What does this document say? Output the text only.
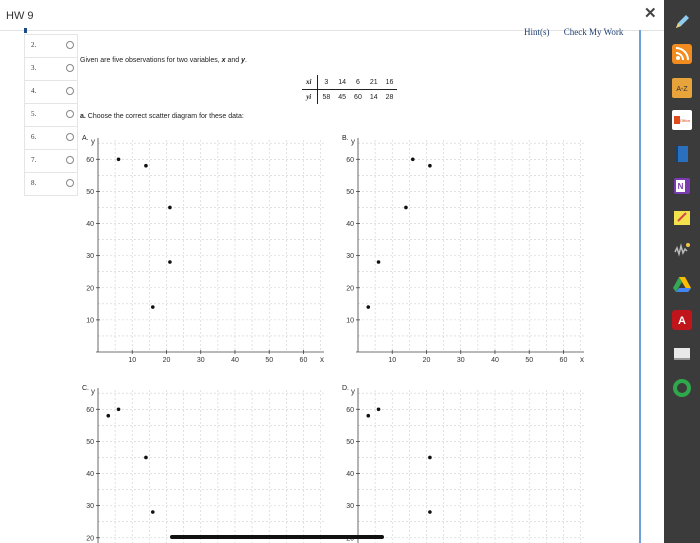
HW 9	✕
Hint(s) Check My Work
2.
3.
4.
5.
6.
7.
8.
Given are five observations for two variables, x and y.
xi	3	14	6	21	16
yi	58	45	60	14	28
a. Choose the correct scatter diagram for these data:
10	20	30	40	50	60 x
10
20
30
40
50
60
y
A.
10	20	30	40	50	60 x
10
20
30
40
50
60
y
B.
20
30
40
50
60
y
C.
30
40
50
60
y
D.
A-Z
Office
N
A
